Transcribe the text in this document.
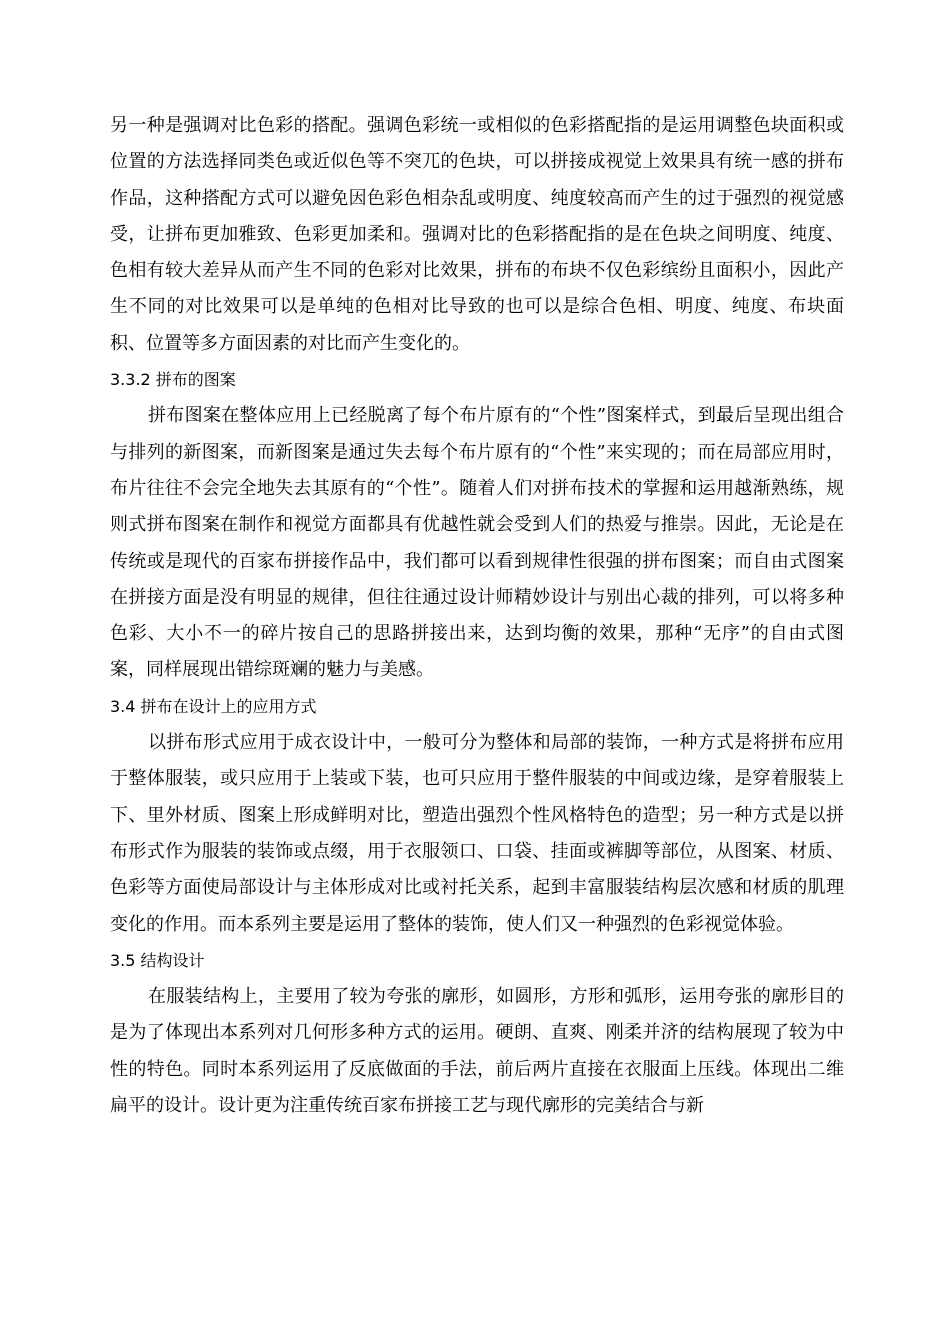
另一种是强调对比色彩的搭配。强调色彩统一或相似的色彩搭配指的是运用调整色块面积或位置的方法选择同类色或近似色等不突兀的色块，可以拼接成视觉上效果具有统一感的拼布作品，这种搭配方式可以避免因色彩色相杂乱或明度、纯度较高而产生的过于强烈的视觉感受，让拼布更加雅致、色彩更加柔和。强调对比的色彩搭配指的是在色块之间明度、纯度、色相有较大差异从而产生不同的色彩对比效果，拼布的布块不仅色彩缤纷且面积小，因此产生不同的对比效果可以是单纯的色相对比导致的也可以是综合色相、明度、纯度、布块面积、位置等多方面因素的对比而产生变化的。

3.3.2 拼布的图案

拼布图案在整体应用上已经脱离了每个布片原有的“个性”图案样式，到最后呈现出组合与排列的新图案，而新图案是通过失去每个布片原有的“个性”来实现的；而在局部应用时，布片往往不会完全地失去其原有的“个性”。随着人们对拼布技术的掌握和运用越渐熟练，规则式拼布图案在制作和视觉方面都具有优越性就会受到人们的热爱与推崇。因此，无论是在传统或是现代的百家布拼接作品中，我们都可以看到规律性很强的拼布图案；而自由式图案在拼接方面是没有明显的规律，但往往通过设计师精妙设计与别出心裁的排列，可以将多种色彩、大小不一的碎片按自己的思路拼接出来，达到均衡的效果，那种“无序”的自由式图案，同样展现出错综斑斓的魅力与美感。

3.4 拼布在设计上的应用方式

以拼布形式应用于成衣设计中，一般可分为整体和局部的装饰，一种方式是将拼布应用于整体服装，或只应用于上装或下装，也可只应用于整件服装的中间或边缘，是穿着服装上下、里外材质、图案上形成鲜明对比，塑造出强烈个性风格特色的造型；另一种方式是以拼布形式作为服装的装饰或点缀，用于衣服领口、口袋、挂面或裤脚等部位，从图案、材质、色彩等方面使局部设计与主体形成对比或衬托关系，起到丰富服装结构层次感和材质的肌理变化的作用。而本系列主要是运用了整体的装饰，使人们又一种强烈的色彩视觉体验。

3.5 结构设计

在服装结构上，主要用了较为夸张的廓形，如圆形，方形和弧形，运用夸张的廓形目的是为了体现出本系列对几何形多种方式的运用。硬朗、直爽、刚柔并济的结构展现了较为中性的特色。同时本系列运用了反底做面的手法，前后两片直接在衣服面上压线。体现出二维扁平的设计。设计更为注重传统百家布拼接工艺与现代廓形的完美结合与新
